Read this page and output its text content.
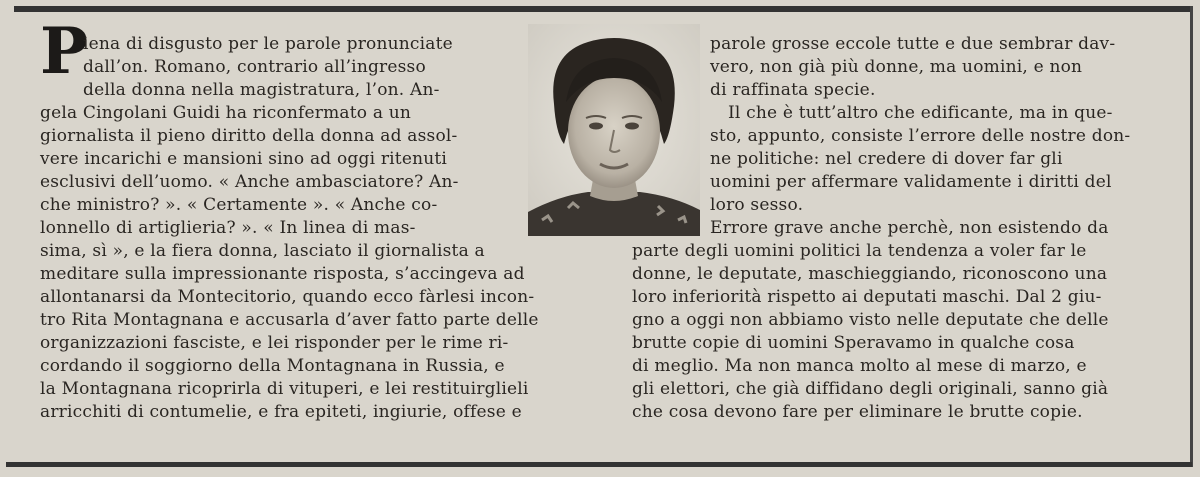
P

iena di disgusto per le parole pronunciate

dall’on. Romano, contrario all’ingresso

della donna nella magistratura, l’on. An-

gela Cingolani Guidi ha riconfermato a un

giornalista il pieno diritto della donna ad assol-

vere incarichi e mansioni sino ad oggi ritenuti

esclusivi dell’uomo. « Anche ambasciatore? An-

che ministro? ». « Certamente ». « Anche co-

lonnello di artiglieria? ». « In linea di mas-

sima, sì », e la fiera donna, lasciato il giornalista a

meditare sulla impressionante risposta, s’accingeva ad

allontanarsi da Montecitorio, quando ecco fàrlesi incon-

tro Rita Montagnana e accusarla d’aver fatto parte delle

organizzazioni fasciste, e lei risponder per le rime ri-

cordando il soggiorno della Montagnana in Russia, e

la Montagnana ricoprirla di vituperi, e lei restituirglieli

arricchiti di contumelie, e fra epiteti, ingiurie, offese e

parole grosse eccole tutte e due sembrar dav-

vero, non già più donne, ma uomini, e non

di raffinata specie.

Il che è tutt’altro che edificante, ma in que-

sto, appunto, consiste l’errore delle nostre don-

ne politiche: nel credere di dover far gli

uomini per affermare validamente i diritti del

loro sesso.

Errore grave anche perchè, non esistendo da

parte degli uomini politici la tendenza a voler far le

donne, le deputate, maschieggiando, riconoscono una

loro inferiorità rispetto ai deputati maschi. Dal 2 giu-

gno a oggi non abbiamo visto nelle deputate che delle

brutte copie di uomini Speravamo in qualche cosa

di meglio. Ma non manca molto al mese di marzo, e

gli elettori, che già diffidano degli originali, sanno già

che cosa devono fare per eliminare le brutte copie.
